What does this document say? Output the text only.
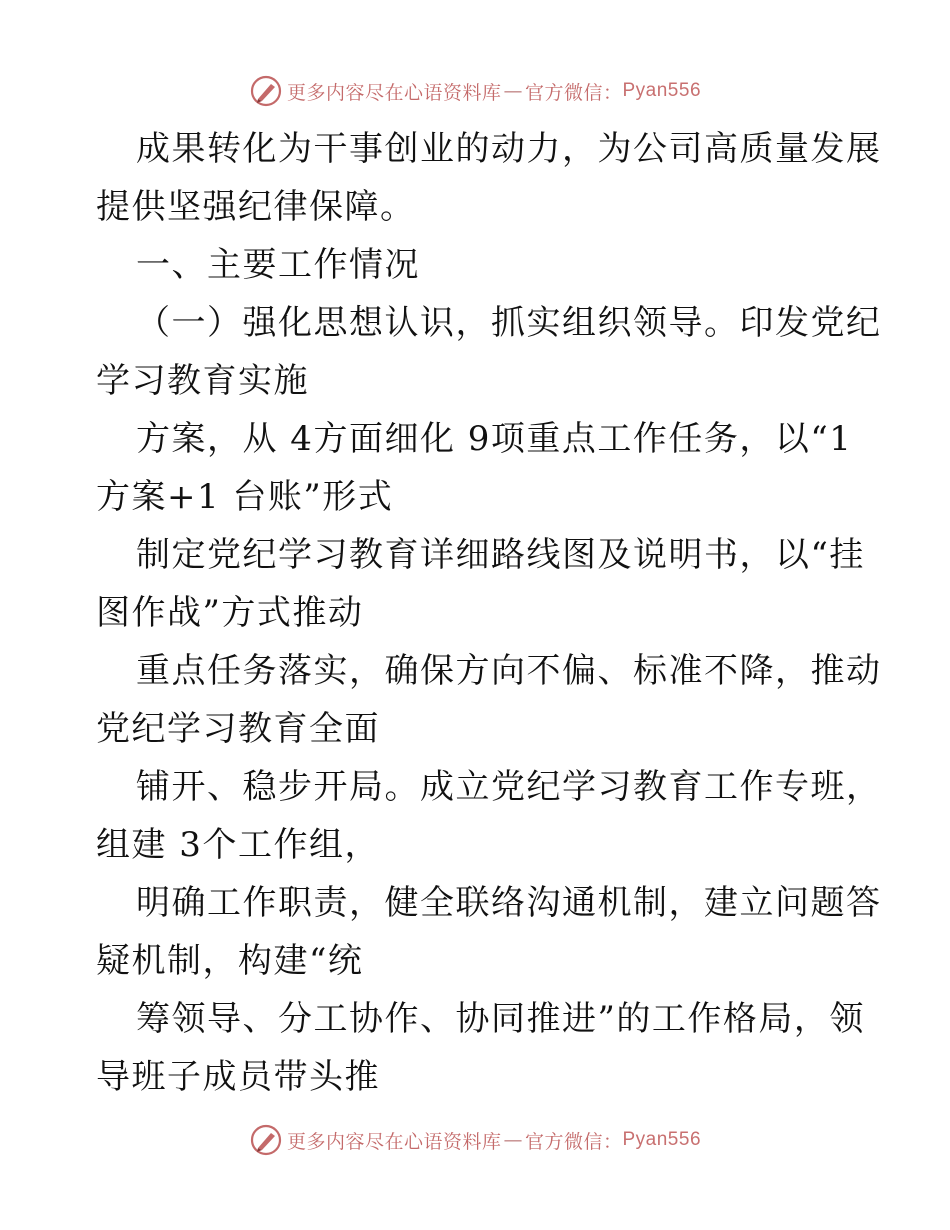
更多内容尽在心语资料库 — 官方微信： Pyan556
成果转化为干事创业的动力，为公司高质量发展
提供坚强纪律保障。
一、主要工作情况
（一）强化思想认识，抓实组织领导。印发党纪
学习教育实施
方案，从 4方面细化 9项重点工作任务，以“1
方案+1 台账”形式
制定党纪学习教育详细路线图及说明书，以“挂
图作战”方式推动
重点任务落实，确保方向不偏、标准不降，推动
党纪学习教育全面
铺开、稳步开局。成立党纪学习教育工作专班，
组建 3个工作组，
明确工作职责，健全联络沟通机制，建立问题答
疑机制，构建“统
筹领导、分工协作、协同推进”的工作格局，领
导班子成员带头推
更多内容尽在心语资料库 — 官方微信： Pyan556
